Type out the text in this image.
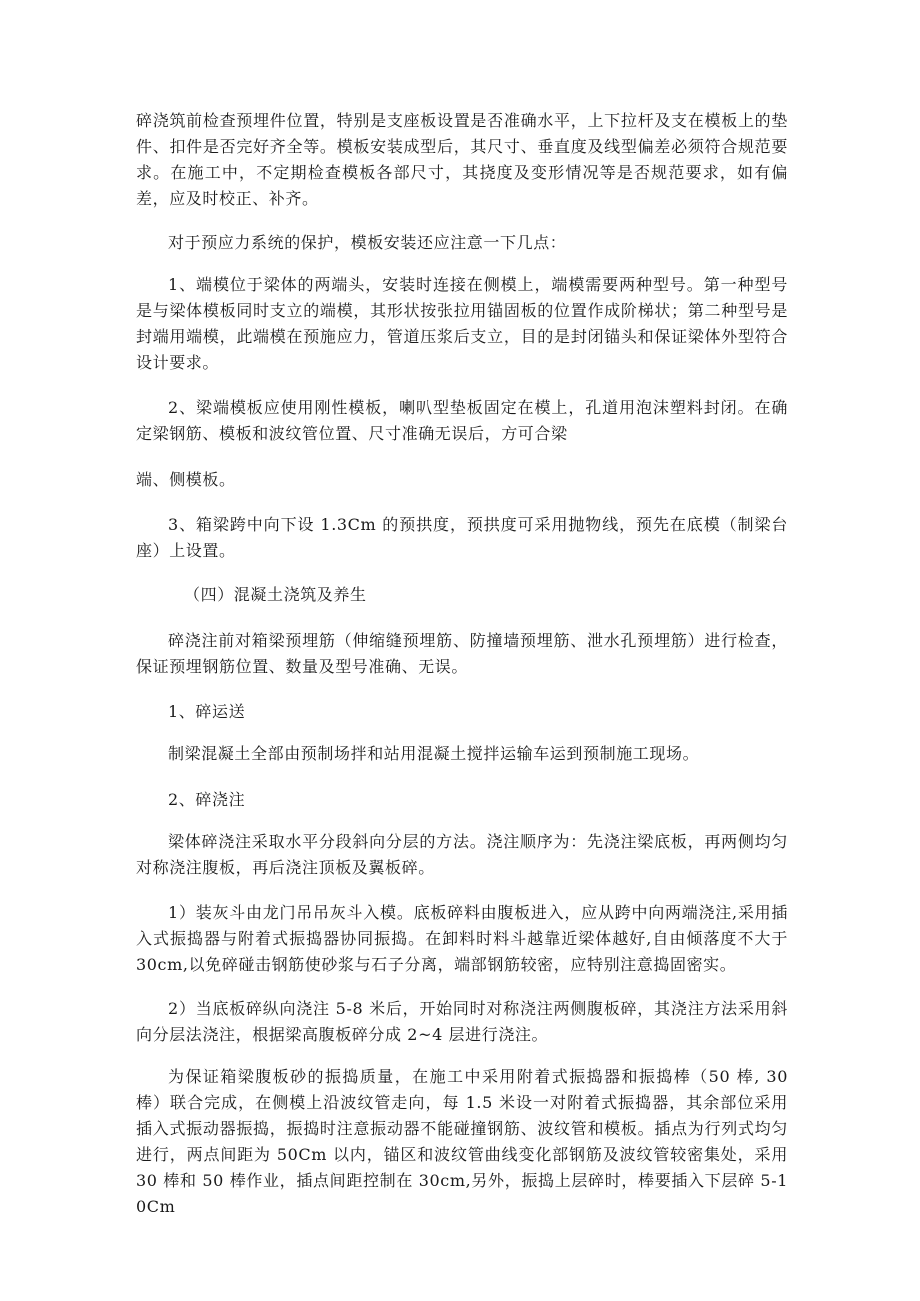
碎浇筑前检查预埋件位置，特别是支座板设置是否准确水平，上下拉杆及支在模板上的垫件、扣件是否完好齐全等。模板安装成型后，其尺寸、垂直度及线型偏差必须符合规范要求。在施工中，不定期检查模板各部尺寸，其挠度及变形情况等是否规范要求，如有偏差，应及时校正、补齐。

对于预应力系统的保护，模板安装还应注意一下几点：

1、端模位于梁体的两端头，安装时连接在侧模上，端模需要两种型号。第一种型号是与梁体模板同时支立的端模，其形状按张拉用锚固板的位置作成阶梯状；第二种型号是封端用端模，此端模在预施应力，管道压浆后支立，目的是封闭锚头和保证梁体外型符合设计要求。

2、梁端模板应使用刚性模板，喇叭型垫板固定在模上，孔道用泡沫塑料封闭。在确定梁钢筋、模板和波纹管位置、尺寸准确无误后，方可合梁

端、侧模板。

3、箱梁跨中向下设 1.3Cm 的预拱度，预拱度可采用抛物线，预先在底模（制梁台座）上设置。

（四）混凝土浇筑及养生

碎浇注前对箱梁预埋筋（伸缩缝预埋筋、防撞墙预埋筋、泄水孔预埋筋）进行检查，保证预埋钢筋位置、数量及型号准确、无误。

1、碎运送

制梁混凝土全部由预制场拌和站用混凝土搅拌运输车运到预制施工现场。

2、碎浇注

梁体碎浇注采取水平分段斜向分层的方法。浇注顺序为：先浇注梁底板，再两侧均匀对称浇注腹板，再后浇注顶板及翼板碎。

1）装灰斗由龙门吊吊灰斗入模。底板碎料由腹板进入，应从跨中向两端浇注,采用插入式振捣器与附着式振捣器协同振捣。在卸料时料斗越靠近梁体越好,自由倾落度不大于 30cm,以免碎碰击钢筋使砂浆与石子分离，端部钢筋较密，应特别注意捣固密实。

2）当底板碎纵向浇注 5-8 米后，开始同时对称浇注两侧腹板碎，其浇注方法采用斜向分层法浇注，根据梁高腹板碎分成 2~4 层进行浇注。

为保证箱梁腹板砂的振捣质量，在施工中采用附着式振捣器和振捣棒（50 棒, 30 棒）联合完成，在侧模上沿波纹管走向，每 1.5 米设一对附着式振捣器，其余部位采用插入式振动器振捣，振捣时注意振动器不能碰撞钢筋、波纹管和模板。插点为行列式均匀进行，两点间距为 50Cm 以内，锚区和波纹管曲线变化部钢筋及波纹管较密集处，采用 30 棒和 50 棒作业，插点间距控制在 30cm,另外，振捣上层碎时，棒要插入下层碎 5-10Cm
